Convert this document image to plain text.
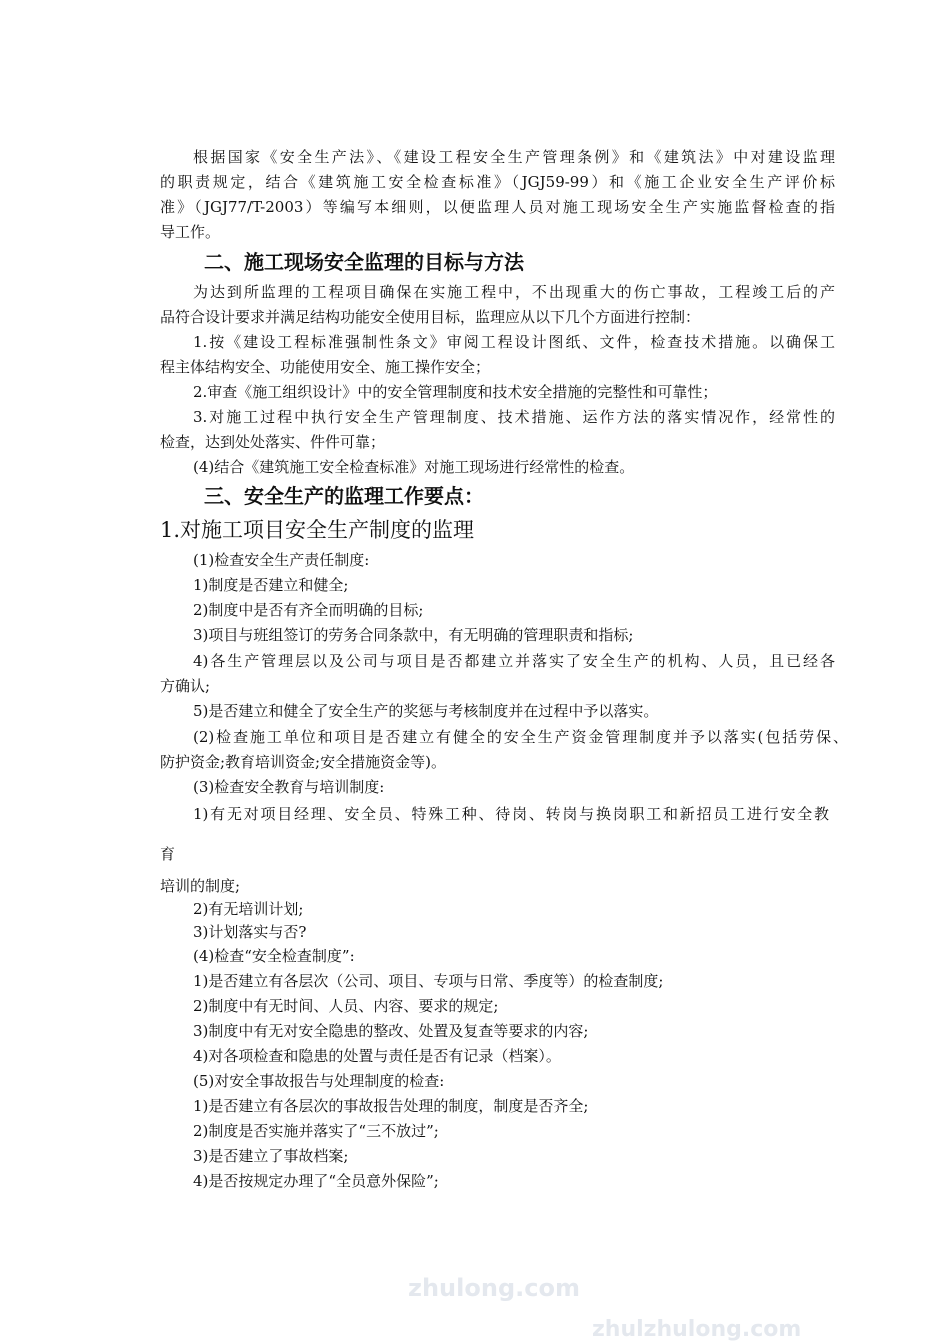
根据国家《安全生产法》、《建设工程安全生产管理条例》和《建筑法》中对建设监理
的职责规定，结合《建筑施工安全检查标准》（JGJ59-99）和《施工企业安全生产评价标
准》（JGJ77/T-2003）等编写本细则，以便监理人员对施工现场安全生产实施监督检查的指
导工作。
二、施工现场安全监理的目标与方法
为达到所监理的工程项目确保在实施工程中，不出现重大的伤亡事故，工程竣工后的产
品符合设计要求并满足结构功能安全使用目标，监理应从以下几个方面进行控制：
1.按《建设工程标准强制性条文》审阅工程设计图纸、文件，检查技术措施。以确保工
程主体结构安全、功能使用安全、施工操作安全；
2.审查《施工组织设计》中的安全管理制度和技术安全措施的完整性和可靠性；
3.对施工过程中执行安全生产管理制度、技术措施、运作方法的落实情况作，经常性的
检查，达到处处落实、件件可靠；
(4)结合《建筑施工安全检查标准》对施工现场进行经常性的检查。
三、安全生产的监理工作要点：
1.对施工项目安全生产制度的监理
(1)检查安全生产责任制度:
1)制度是否建立和健全;
2)制度中是否有齐全而明确的目标;
3)项目与班组签订的劳务合同条款中，有无明确的管理职责和指标;
4)各生产管理层以及公司与项目是否都建立并落实了安全生产的机构、人员，且已经各
方确认;
5)是否建立和健全了安全生产的奖惩与考核制度并在过程中予以落实。
(2)检查施工单位和项目是否建立有健全的安全生产资金管理制度并予以落实(包括劳保、
防护资金;教育培训资金;安全措施资金等)。
(3)检查安全教育与培训制度:
1)有无对项目经理、安全员、特殊工种、待岗、转岗与换岗职工和新招员工进行安全教
育
培训的制度;
2)有无培训计划;
3)计划落实与否?
(4)检查“安全检查制度”:
1)是否建立有各层次（公司、项目、专项与日常、季度等）的检查制度;
2)制度中有无时间、人员、内容、要求的规定;
3)制度中有无对安全隐患的整改、处置及复查等要求的内容;
4)对各项检查和隐患的处置与责任是否有记录（档案）。
(5)对安全事故报告与处理制度的检查:
1)是否建立有各层次的事故报告处理的制度，制度是否齐全;
2)制度是否实施并落实了“三不放过”;
3)是否建立了事故档案;
4)是否按规定办理了“全员意外保险”;
zhulong.com
zhulzhulong.com
